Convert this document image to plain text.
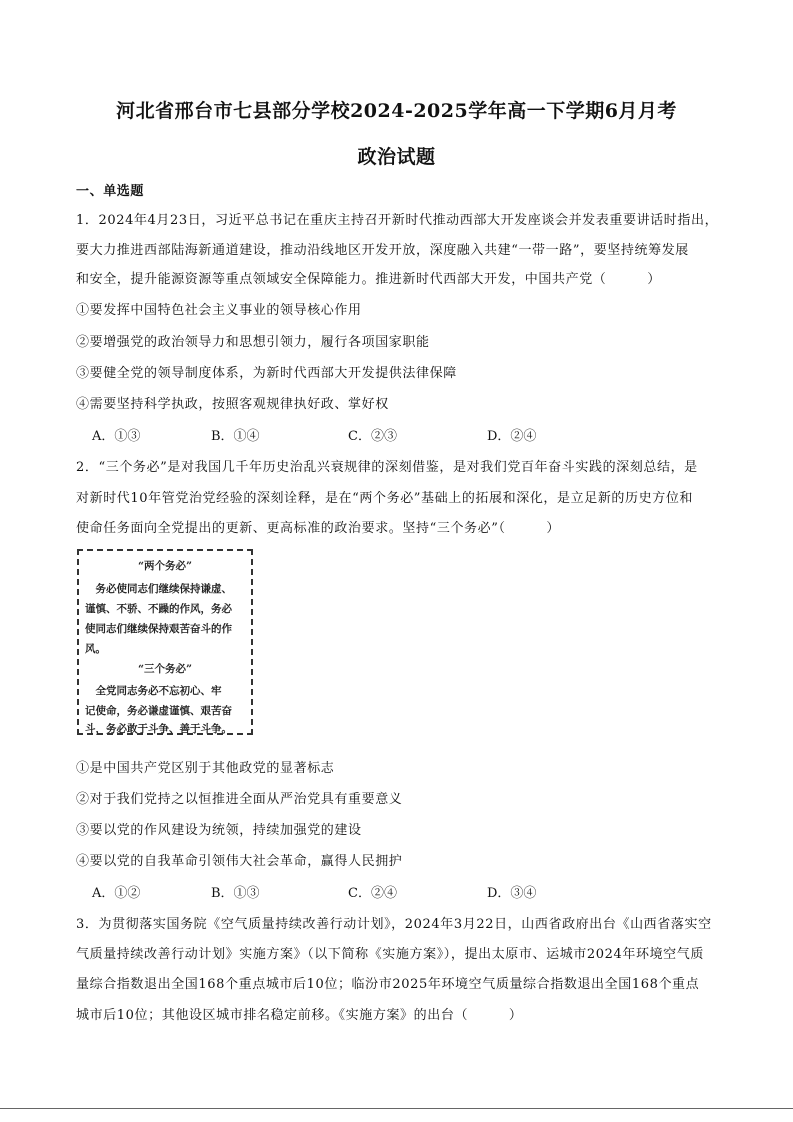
河北省邢台市七县部分学校2024-2025学年高一下学期6月月考
政治试题
一、单选题
1．2024年4月23日，习近平总书记在重庆主持召开新时代推动西部大开发座谈会并发表重要讲话时指出，
要大力推进西部陆海新通道建设，推动沿线地区开发开放，深度融入共建“一带一路”，要坚持统筹发展
和安全，提升能源资源等重点领域安全保障能力。推进新时代西部大开发，中国共产党（　　　）
①要发挥中国特色社会主义事业的领导核心作用
②要增强党的政治领导力和思想引领力，履行各项国家职能
③要健全党的领导制度体系，为新时代西部大开发提供法律保障
④需要坚持科学执政，按照客观规律执好政、掌好权
A．①③	B．①④	C．②③	D．②④
2．“三个务必”是对我国几千年历史治乱兴衰规律的深刻借鉴，是对我们党百年奋斗实践的深刻总结，是
对新时代10年管党治党经验的深刻诠释，是在“两个务必”基础上的拓展和深化，是立足新的历史方位和
使命任务面向全党提出的更新、更高标准的政治要求。坚持“三个务必”（　　　）
“两个务必”
　务必使同志们继续保持谦虚、
谨慎、不骄、不躁的作风，务必
使同志们继续保持艰苦奋斗的作
风。
“三个务必”
　全党同志务必不忘初心、牢
记使命，务必谦虚谨慎、艰苦奋
斗，务必敢于斗争、善于斗争。
①是中国共产党区别于其他政党的显著标志
②对于我们党持之以恒推进全面从严治党具有重要意义
③要以党的作风建设为统领，持续加强党的建设
④要以党的自我革命引领伟大社会革命，赢得人民拥护
A．①②	B．①③	C．②④	D．③④
3．为贯彻落实国务院《空气质量持续改善行动计划》，2024年3月22日，山西省政府出台《山西省落实空
气质量持续改善行动计划》实施方案》（以下简称《实施方案》），提出太原市、运城市2024年环境空气质
量综合指数退出全国168个重点城市后10位；临汾市2025年环境空气质量综合指数退出全国168个重点
城市后10位；其他设区城市排名稳定前移。《实施方案》的出台（　　　）
